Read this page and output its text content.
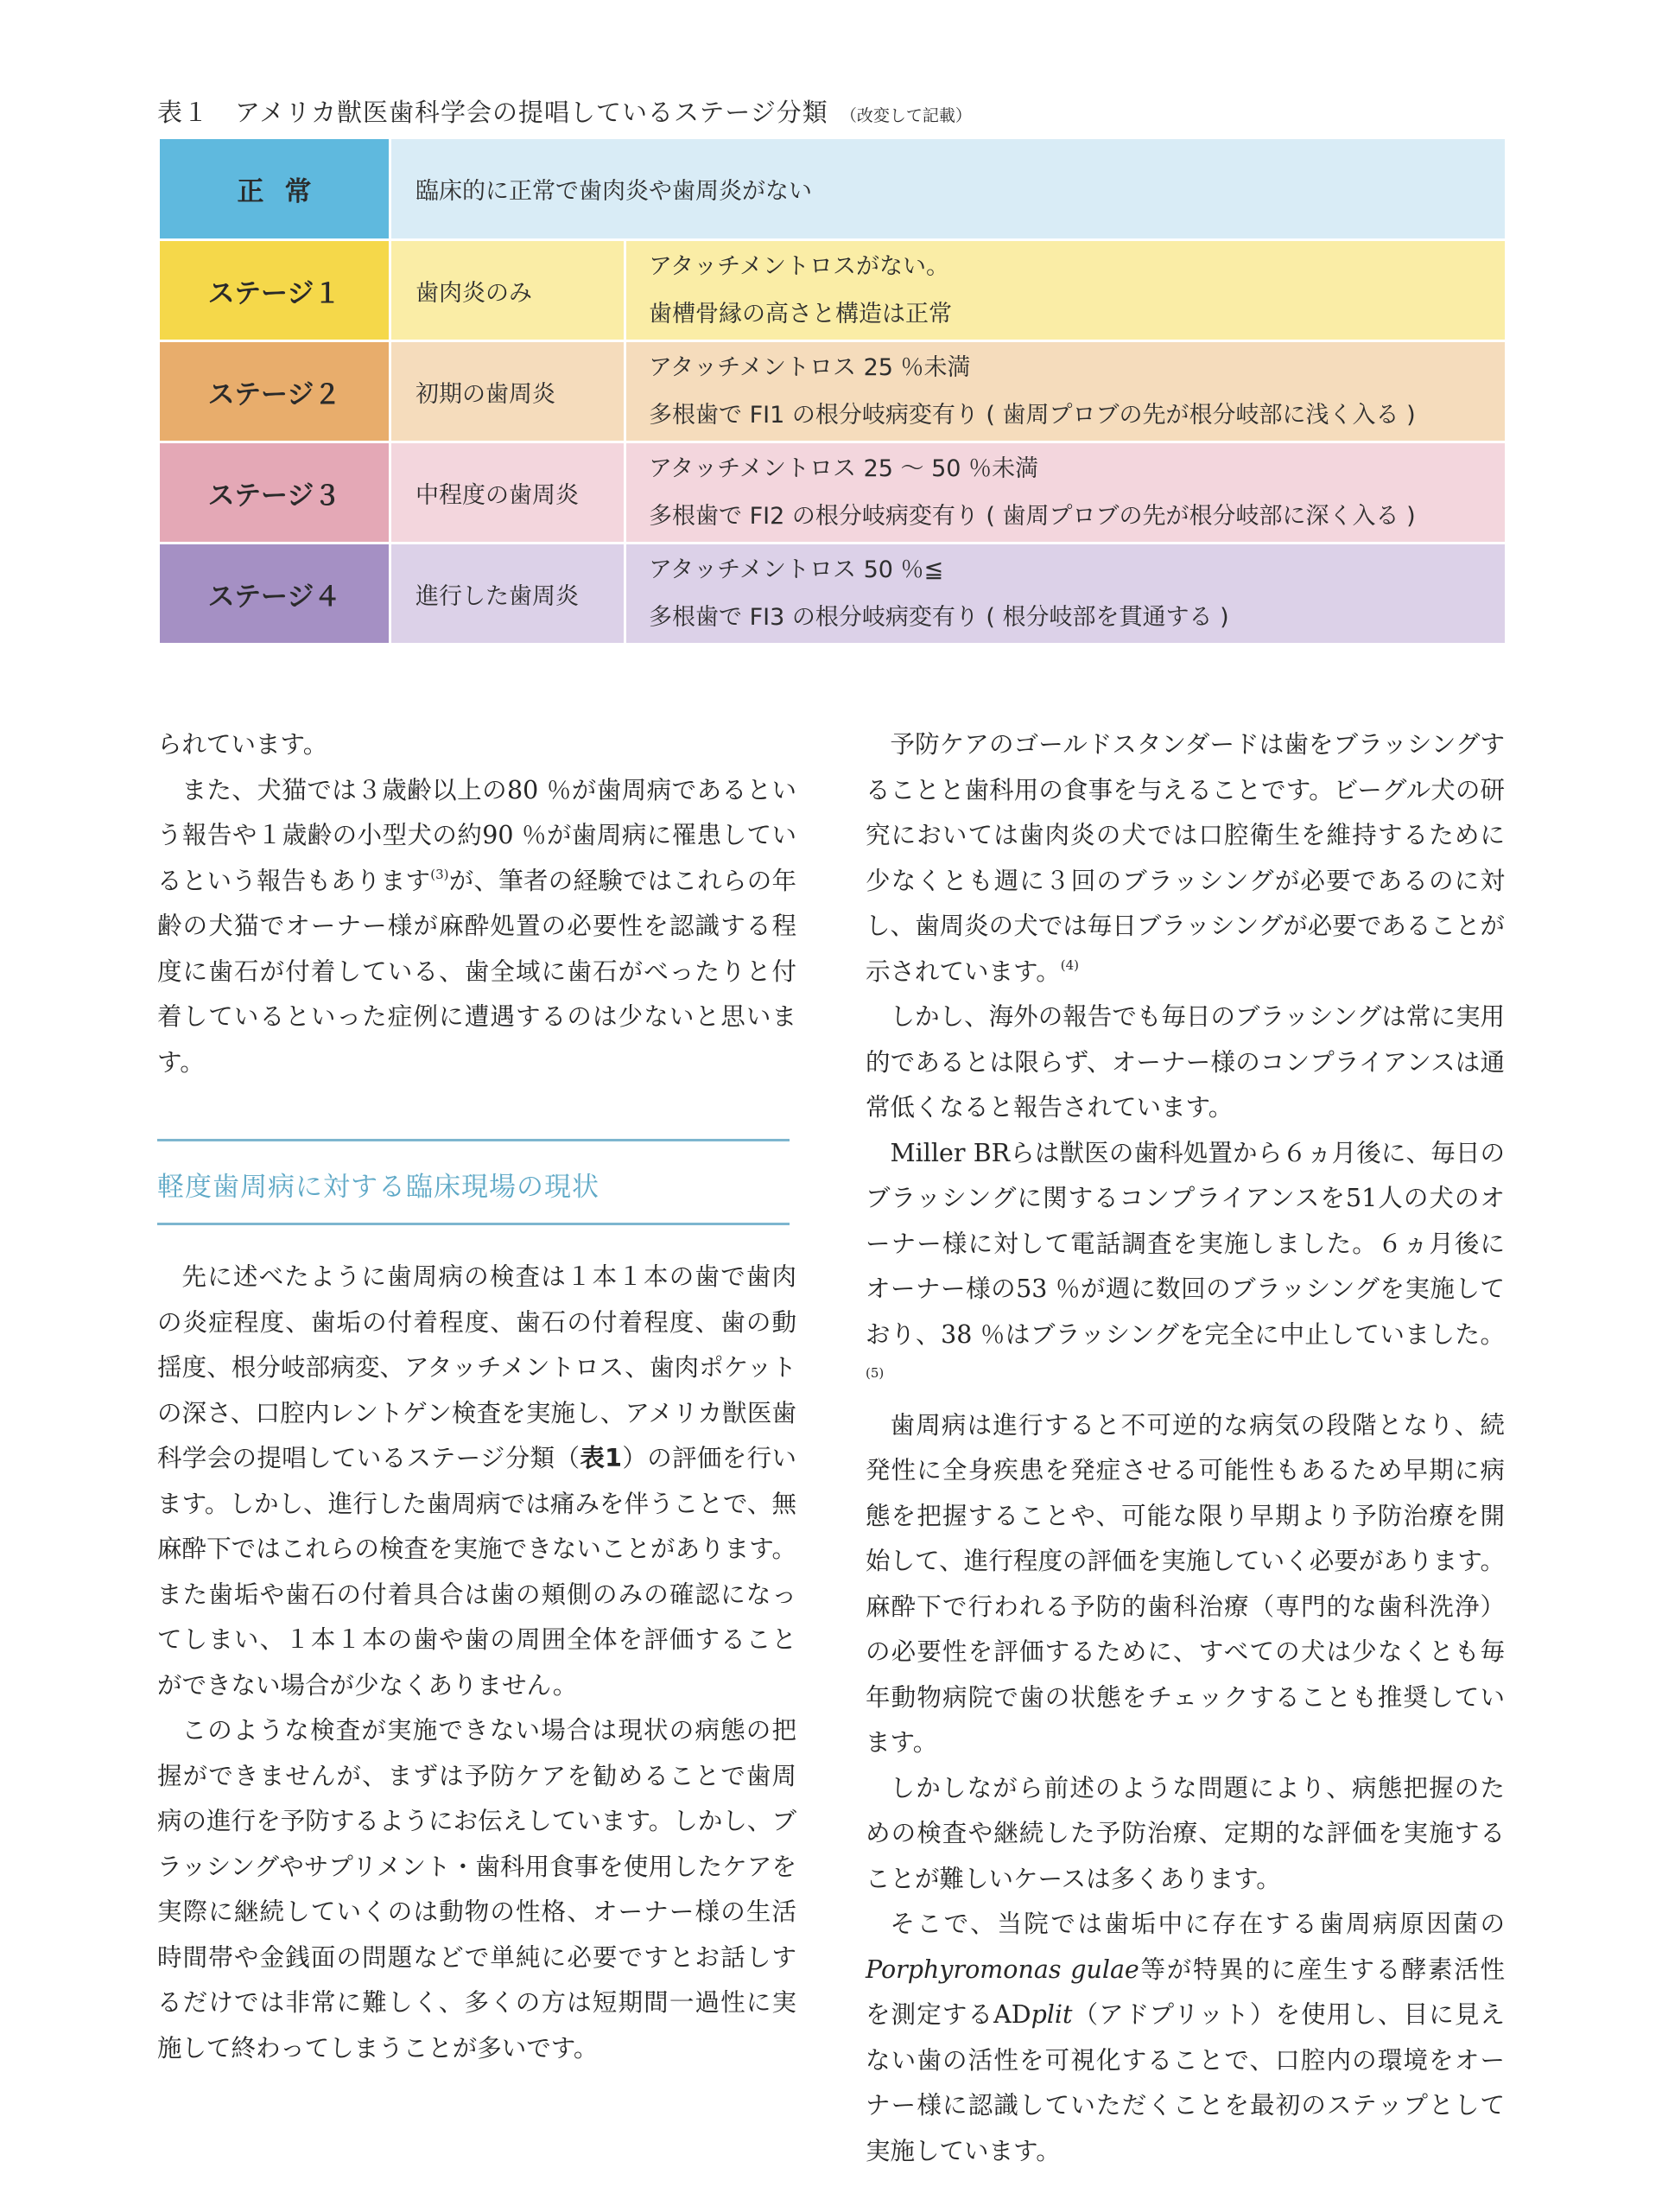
表１　アメリカ獣医歯科学会の提唱しているステージ分類 （改変して記載）
正常	臨床的に正常で歯肉炎や歯周炎がない	
ステージ１	歯肉炎のみ	アタッチメントロスがない。
歯槽骨縁の高さと構造は正常

ステージ２	初期の歯周炎	アタッチメントロス 25 ％未満
多根歯で FI1 の根分岐病変有り ( 歯周プロブの先が根分岐部に浅く入る )

ステージ３	中程度の歯周炎	アタッチメントロス 25 〜 50 ％未満
多根歯で FI2 の根分岐病変有り ( 歯周プロブの先が根分岐部に深く入る )

ステージ４	進行した歯周炎	アタッチメントロス 50 ％≦
多根歯で FI3 の根分岐病変有り ( 根分岐部を貫通する )

られています。

また、犬猫では３歳齢以上の80 ％が歯周病であるという報告や１歳齢の小型犬の約90 ％が歯周病に罹患しているという報告もあります$^{(3)}$が、筆者の経験ではこれらの年齢の犬猫でオーナー様が麻酔処置の必要性を認識する程度に歯石が付着している、歯全域に歯石がべったりと付着しているといった症例に遭遇するのは少ないと思います。

軽度歯周病に対する臨床現場の現状

先に述べたように歯周病の検査は１本１本の歯で歯肉の炎症程度、歯垢の付着程度、歯石の付着程度、歯の動揺度、根分岐部病変、アタッチメントロス、歯肉ポケットの深さ、口腔内レントゲン検査を実施し、アメリカ獣医歯科学会の提唱しているステージ分類（表1）の評価を行います。しかし、進行した歯周病では痛みを伴うことで、無麻酔下ではこれらの検査を実施できないことがあります。また歯垢や歯石の付着具合は歯の頬側のみの確認になってしまい、１本１本の歯や歯の周囲全体を評価することができない場合が少なくありません。

このような検査が実施できない場合は現状の病態の把握ができませんが、まずは予防ケアを勧めることで歯周病の進行を予防するようにお伝えしています。しかし、ブラッシングやサプリメント・歯科用食事を使用したケアを実際に継続していくのは動物の性格、オーナー様の生活時間帯や金銭面の問題などで単純に必要ですとお話しするだけでは非常に難しく、多くの方は短期間一過性に実施して終わってしまうことが多いです。

予防ケアのゴールドスタンダードは歯をブラッシングすることと歯科用の食事を与えることです。ビーグル犬の研究においては歯肉炎の犬では口腔衛生を維持するために少なくとも週に３回のブラッシングが必要であるのに対し、歯周炎の犬では毎日ブラッシングが必要であることが示されています。$^{(4)}$

しかし、海外の報告でも毎日のブラッシングは常に実用的であるとは限らず、オーナー様のコンプライアンスは通常低くなると報告されています。

Miller BRらは獣医の歯科処置から６ヵ月後に、毎日のブラッシングに関するコンプライアンスを51人の犬のオーナー様に対して電話調査を実施しました。６ヵ月後にオーナー様の53 ％が週に数回のブラッシングを実施しており、38 ％はブラッシングを完全に中止していました。$^{(5)}$

歯周病は進行すると不可逆的な病気の段階となり、続発性に全身疾患を発症させる可能性もあるため早期に病態を把握することや、可能な限り早期より予防治療を開始して、進行程度の評価を実施していく必要があります。麻酔下で行われる予防的歯科治療（専門的な歯科洗浄）の必要性を評価するために、すべての犬は少なくとも毎年動物病院で歯の状態をチェックすることも推奨しています。

しかしながら前述のような問題により、病態把握のための検査や継続した予防治療、定期的な評価を実施することが難しいケースは多くあります。

そこで、当院では歯垢中に存在する歯周病原因菌のPorphyromonas gulae等が特異的に産生する酵素活性を測定するADplit（アドプリット）を使用し、目に見えない歯の活性を可視化することで、口腔内の環境をオーナー様に認識していただくことを最初のステップとして実施しています。
